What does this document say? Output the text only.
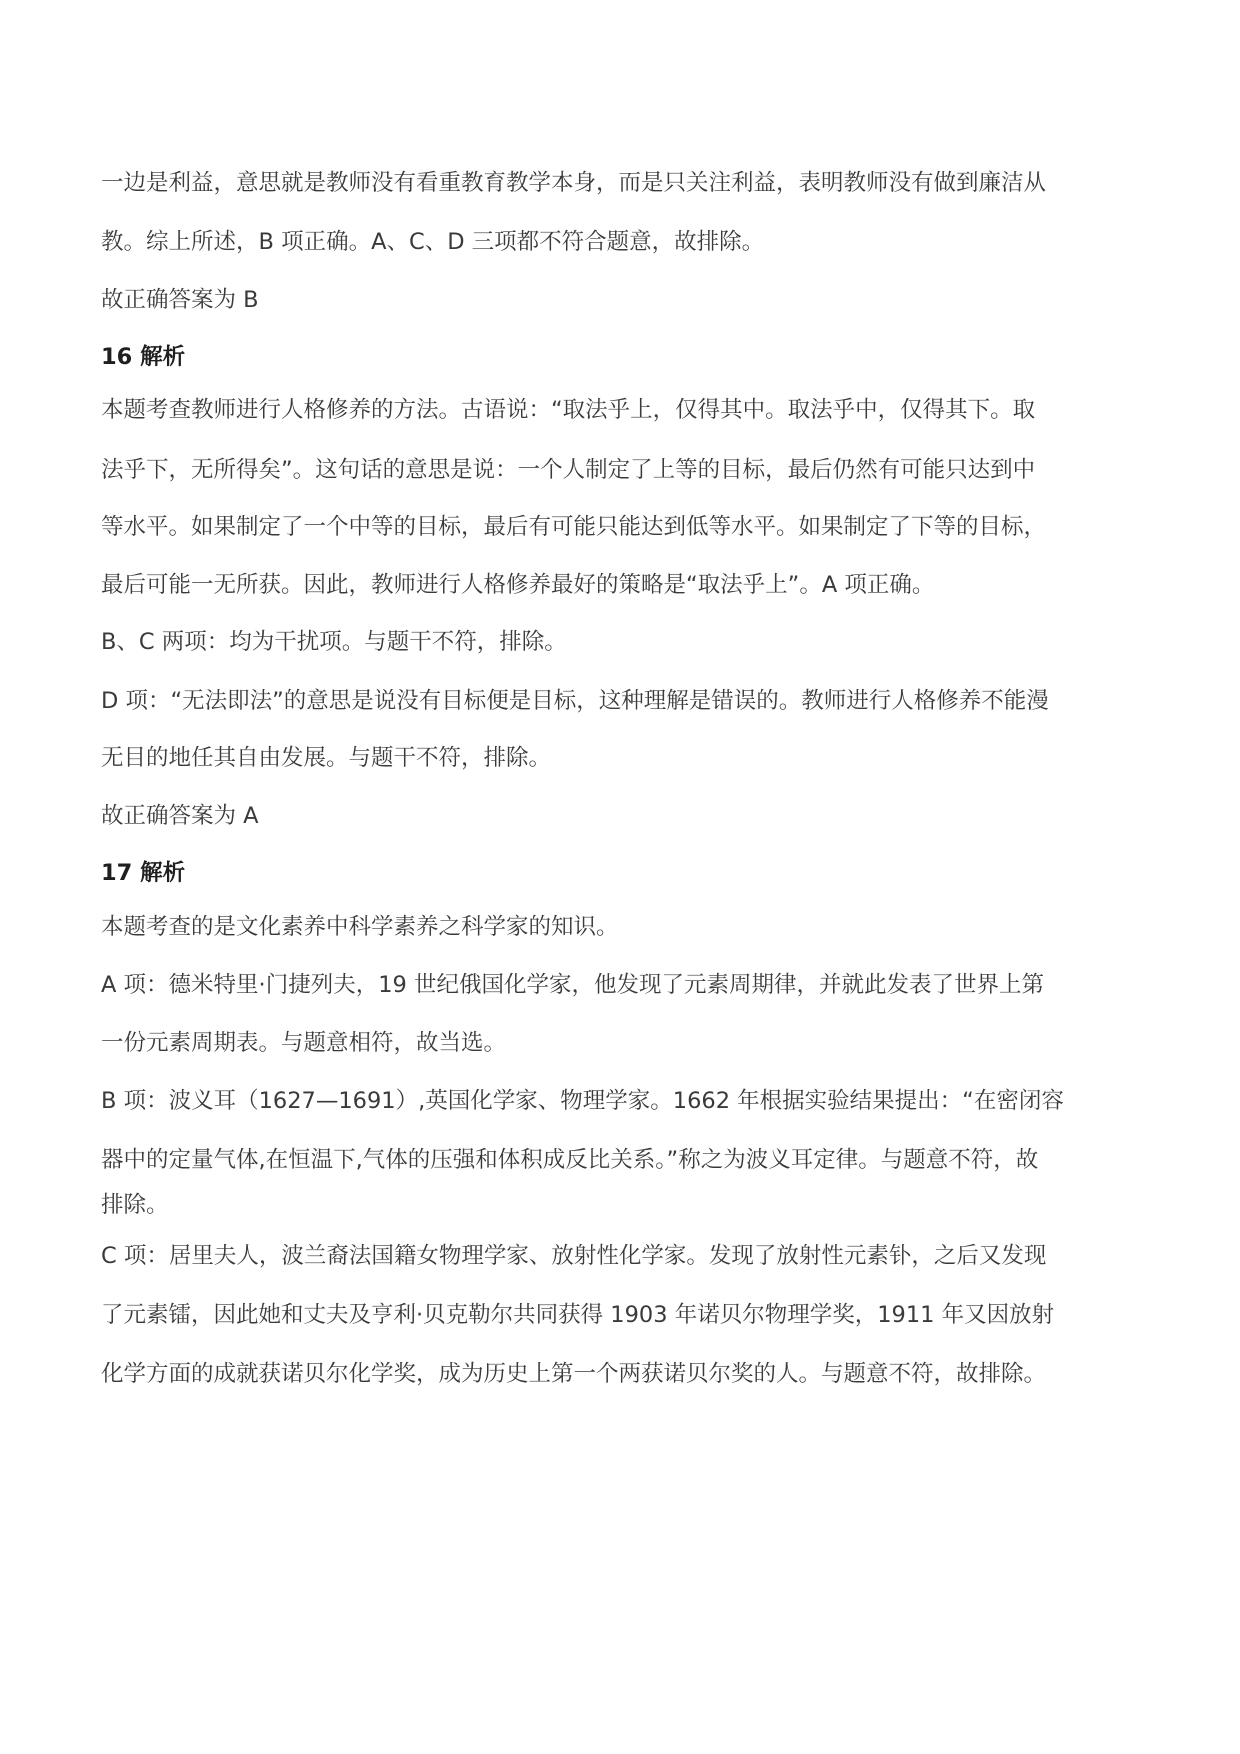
一边是利益，意思就是教师没有看重教育教学本身，而是只关注利益，表明教师没有做到廉洁从
教。综上所述，B 项正确。A、C、D 三项都不符合题意，故排除。
故正确答案为 B
16 解析
本题考查教师进行人格修养的方法。古语说：“取法乎上，仅得其中。取法乎中，仅得其下。取
法乎下，无所得矣”。这句话的意思是说：一个人制定了上等的目标，最后仍然有可能只达到中
等水平。如果制定了一个中等的目标，最后有可能只能达到低等水平。如果制定了下等的目标，
最后可能一无所获。因此，教师进行人格修养最好的策略是“取法乎上”。A 项正确。
B、C 两项：均为干扰项。与题干不符，排除。
D 项：“无法即法”的意思是说没有目标便是目标，这种理解是错误的。教师进行人格修养不能漫
无目的地任其自由发展。与题干不符，排除。
故正确答案为 A
17 解析
本题考查的是文化素养中科学素养之科学家的知识。
A 项：德米特里·门捷列夫，19 世纪俄国化学家，他发现了元素周期律，并就此发表了世界上第
一份元素周期表。与题意相符，故当选。
B 项：波义耳（1627—1691）,英国化学家、物理学家。1662 年根据实验结果提出：“在密闭容
器中的定量气体,在恒温下,气体的压强和体积成反比关系。”称之为波义耳定律。与题意不符，故
排除。
C 项：居里夫人，波兰裔法国籍女物理学家、放射性化学家。发现了放射性元素钋，之后又发现
了元素镭，因此她和丈夫及亨利·贝克勒尔共同获得 1903 年诺贝尔物理学奖，1911 年又因放射
化学方面的成就获诺贝尔化学奖，成为历史上第一个两获诺贝尔奖的人。与题意不符，故排除。
